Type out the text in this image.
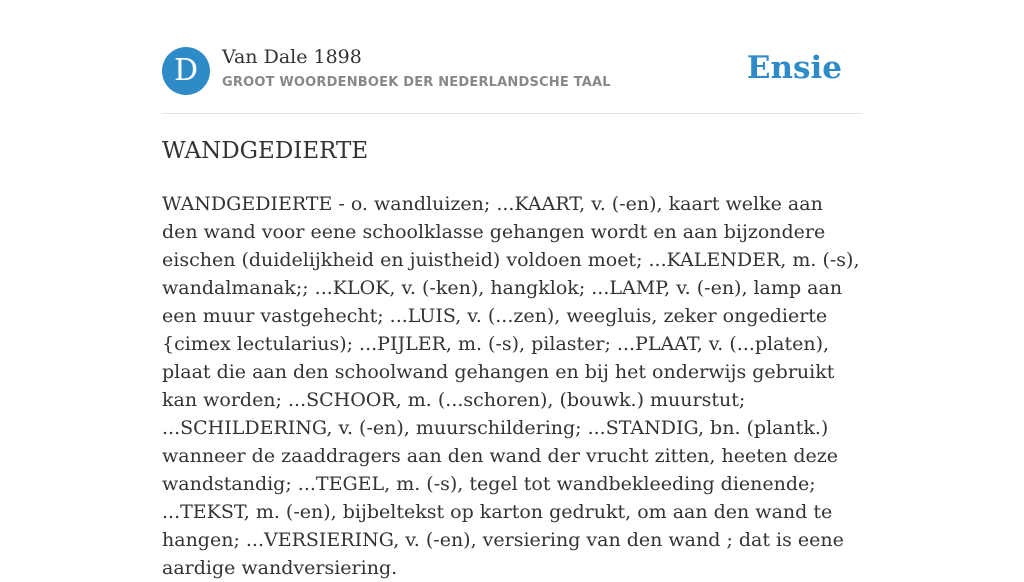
D	Van Dale 1898
GROOT WOORDENBOEK DER NEDERLANDSCHE TAAL	Ensie
WANDGEDIERTE

WANDGEDIERTE - o. wandluizen; ...KAART, v. (-en), kaart welke aan den wand voor eene schoolklasse gehangen wordt en aan bijzondere eischen (duidelijkheid en juistheid) voldoen moet; ...KALENDER, m. (-s), wandalmanak;; ...KLOK, v. (-ken), hangklok; ...LAMP, v. (-en), lamp aan een muur vastgehecht; ...LUIS, v. (...zen), weegluis, zeker ongedierte {cimex lectularius); ...PIJLER, m. (-s), pilaster; ...PLAAT, v. (...platen), plaat die aan den schoolwand gehangen en bij het onderwijs gebruikt kan worden; ...SCHOOR, m. (...schoren), (bouwk.) muurstut; ...SCHILDERING, v. (-en), muurschildering; ...STANDIG, bn. (plantk.) wanneer de zaaddragers aan den wand der vrucht zitten, heeten deze wandstandig; ...TEGEL, m. (-s), tegel tot wandbekleeding dienende; ...TEKST, m. (-en), bijbeltekst op karton gedrukt, om aan den wand te hangen; ...VERSIERING, v. (-en), versiering van den wand ; dat is eene aardige wandversiering.
